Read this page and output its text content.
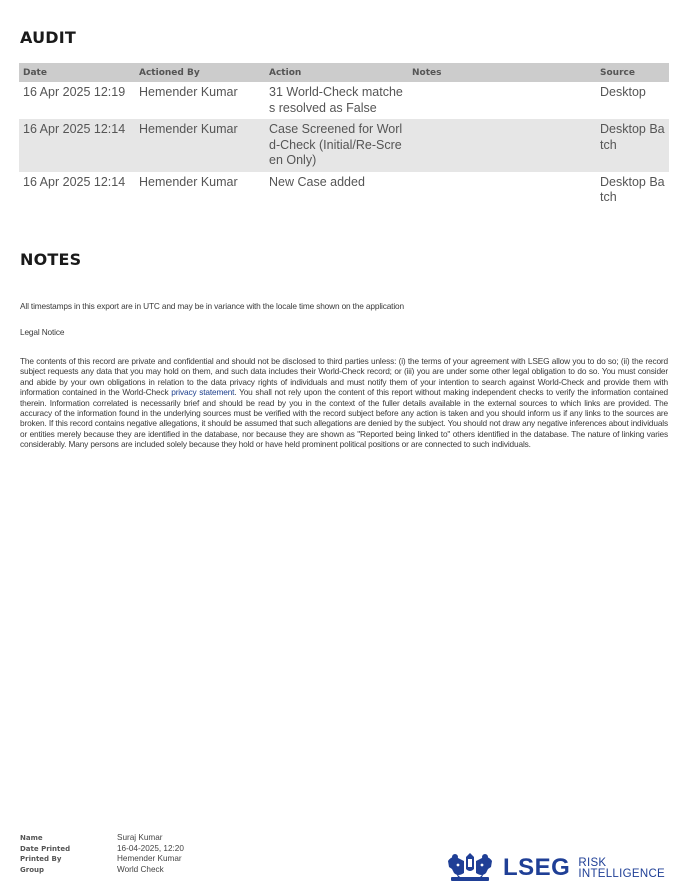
AUDIT
Date	Actioned By	Action	Notes	Source
16 Apr 2025 12:19	Hemender Kumar	31 World-Check matches resolved as False		Desktop
16 Apr 2025 12:14	Hemender Kumar	Case Screened for World-Check (Initial/Re-Screen Only)		Desktop Batch
16 Apr 2025 12:14	Hemender Kumar	New Case added		Desktop Batch
NOTES
All timestamps in this export are in UTC and may be in variance with the locale time shown on the application
Legal Notice
The contents of this record are private and confidential and should not be disclosed to third parties unless: (i) the terms of your agreement with LSEG allow you to do so; (ii) the record subject requests any data that you may hold on them, and such data includes their World-Check record; or (iii) you are under some other legal obligation to do so. You must consider and abide by your own obligations in relation to the data privacy rights of individuals and must notify them of your intention to search against World-Check and provide them with information contained in the World-Check privacy statement. You shall not rely upon the content of this report without making independent checks to verify the information contained therein. Information correlated is necessarily brief and should be read by you in the context of the fuller details available in the external sources to which links are provided. The accuracy of the information found in the underlying sources must be verified with the record subject before any action is taken and you should inform us if any links to the sources are broken. If this record contains negative allegations, it should be assumed that such allegations are denied by the subject. You should not draw any negative inferences about individuals or entities merely because they are identified in the database, nor because they are shown as "Reported being linked to" others identified in the database. The nature of linking varies considerably. Many persons are included solely because they hold or have held prominent political positions or are connected to such individuals.
Name	Suraj Kumar
Date Printed	16-04-2025, 12:20
Printed By	Hemender Kumar
Group	World Check	LSEG RISK
INTELLIGENCE
